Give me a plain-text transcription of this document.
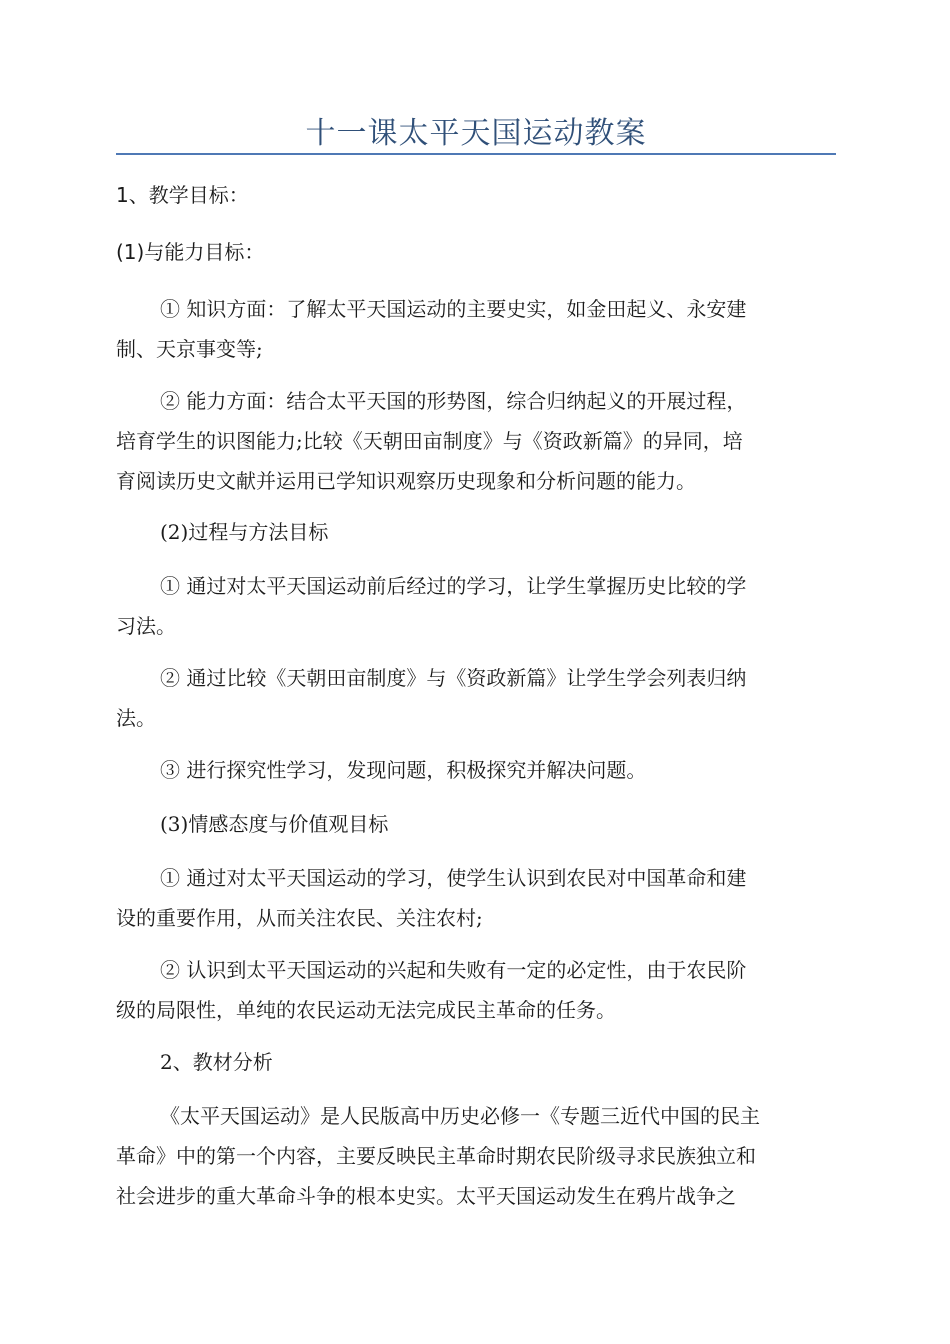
十一课太平天国运动教案

1、教学目标：

(1)与能力目标：

① 知识方面：了解太平天国运动的主要史实，如金田起义、永安建
制、天京事变等;

② 能力方面：结合太平天国的形势图，综合归纳起义的开展过程，
培育学生的识图能力;比较《天朝田亩制度》与《资政新篇》的异同，培
育阅读历史文献并运用已学知识观察历史现象和分析问题的能力。

(2)过程与方法目标

① 通过对太平天国运动前后经过的学习，让学生掌握历史比较的学
习法。

② 通过比较《天朝田亩制度》与《资政新篇》让学生学会列表归纳
法。

③ 进行探究性学习，发现问题，积极探究并解决问题。

(3)情感态度与价值观目标

① 通过对太平天国运动的学习，使学生认识到农民对中国革命和建
设的重要作用，从而关注农民、关注农村;

② 认识到太平天国运动的兴起和失败有一定的必定性，由于农民阶
级的局限性，单纯的农民运动无法完成民主革命的任务。

2、教材分析

《太平天国运动》是人民版高中历史必修一《专题三近代中国的民主
革命》中的第一个内容，主要反映民主革命时期农民阶级寻求民族独立和
社会进步的重大革命斗争的根本史实。太平天国运动发生在鸦片战争之
